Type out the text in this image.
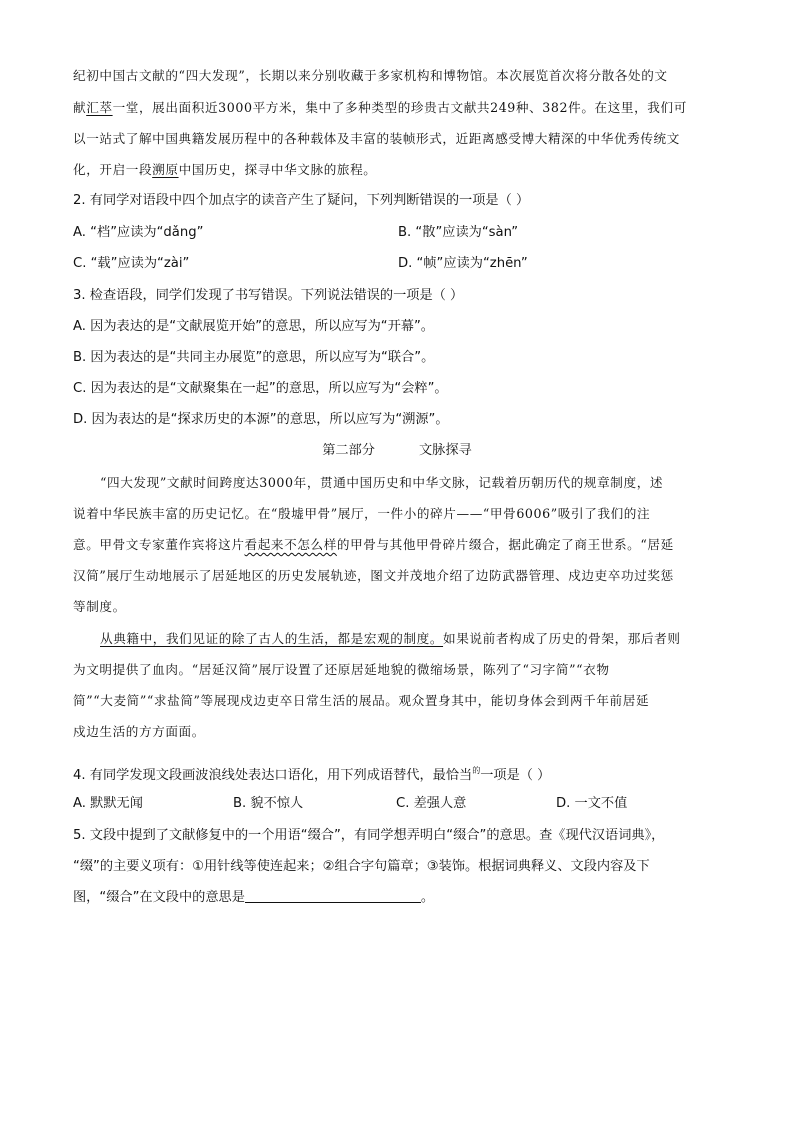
纪初中国古文献的“四大发现”，长期以来分别收藏于多家机构和博物馆。本次展览首次将分散各处的文
献汇萃一堂，展出面积近3000平方米，集中了多种类型的珍贵古文献共249种、382件。在这里，我们可
以一站式了解中国典籍发展历程中的各种载体及丰富的装帧形式，近距离感受博大精深的中华优秀传统文
化，开启一段溯原中国历史，探寻中华文脉的旅程。
2. 有同学对语段中四个加点字的读音产生了疑问，下列判断错误的一项是（ ）
A. “档”应读为“dǎng”	B. “散”应读为“sàn”
C. “载”应读为“zài”	D. “帧”应读为“zhēn”
3. 检查语段，同学们发现了书写错误。下列说法错误的一项是（ ）
A. 因为表达的是“文献展览开始”的意思，所以应写为“开幕”。
B. 因为表达的是“共同主办展览”的意思，所以应写为“联合”。
C. 因为表达的是“文献聚集在一起”的意思，所以应写为“会粹”。
D. 因为表达的是“探求历史的本源”的意思，所以应写为“溯源”。
第二部分	文脉探寻
“四大发现”文献时间跨度达3000年，贯通中国历史和中华文脉，记载着历朝历代的规章制度，述
说着中华民族丰富的历史记忆。在“殷墟甲骨”展厅，一件小的碎片——“甲骨6006”吸引了我们的注
意。甲骨文专家董作宾将这片看起来不怎么样的甲骨与其他甲骨碎片缀合，据此确定了商王世系。“居延
汉简”展厅生动地展示了居延地区的历史发展轨迹，图文并茂地介绍了边防武器管理、戍边吏卒功过奖惩
等制度。
从典籍中，我们见证的除了古人的生活，都是宏观的制度。如果说前者构成了历史的骨架，那后者则
为文明提供了血肉。“居延汉简”展厅设置了还原居延地貌的微缩场景，陈列了“习字简”“衣物
简”“大麦简”“求盐简”等展现戍边吏卒日常生活的展品。观众置身其中，能切身体会到两千年前居延
戍边生活的方方面面。
4. 有同学发现文段画波浪线处表达口语化，用下列成语替代，最恰当$^的$一项是（ ）
A. 默默无闻	B. 貌不惊人	C. 差强人意	D. 一文不值
5. 文段中提到了文献修复中的一个用语“缀合”，有同学想弄明白“缀合”的意思。查《现代汉语词典》，
“缀”的主要义项有：①用针线等使连起来；②组合字句篇章；③装饰。根据词典释义、文段内容及下
图，“缀合”在文段中的意思是	。
